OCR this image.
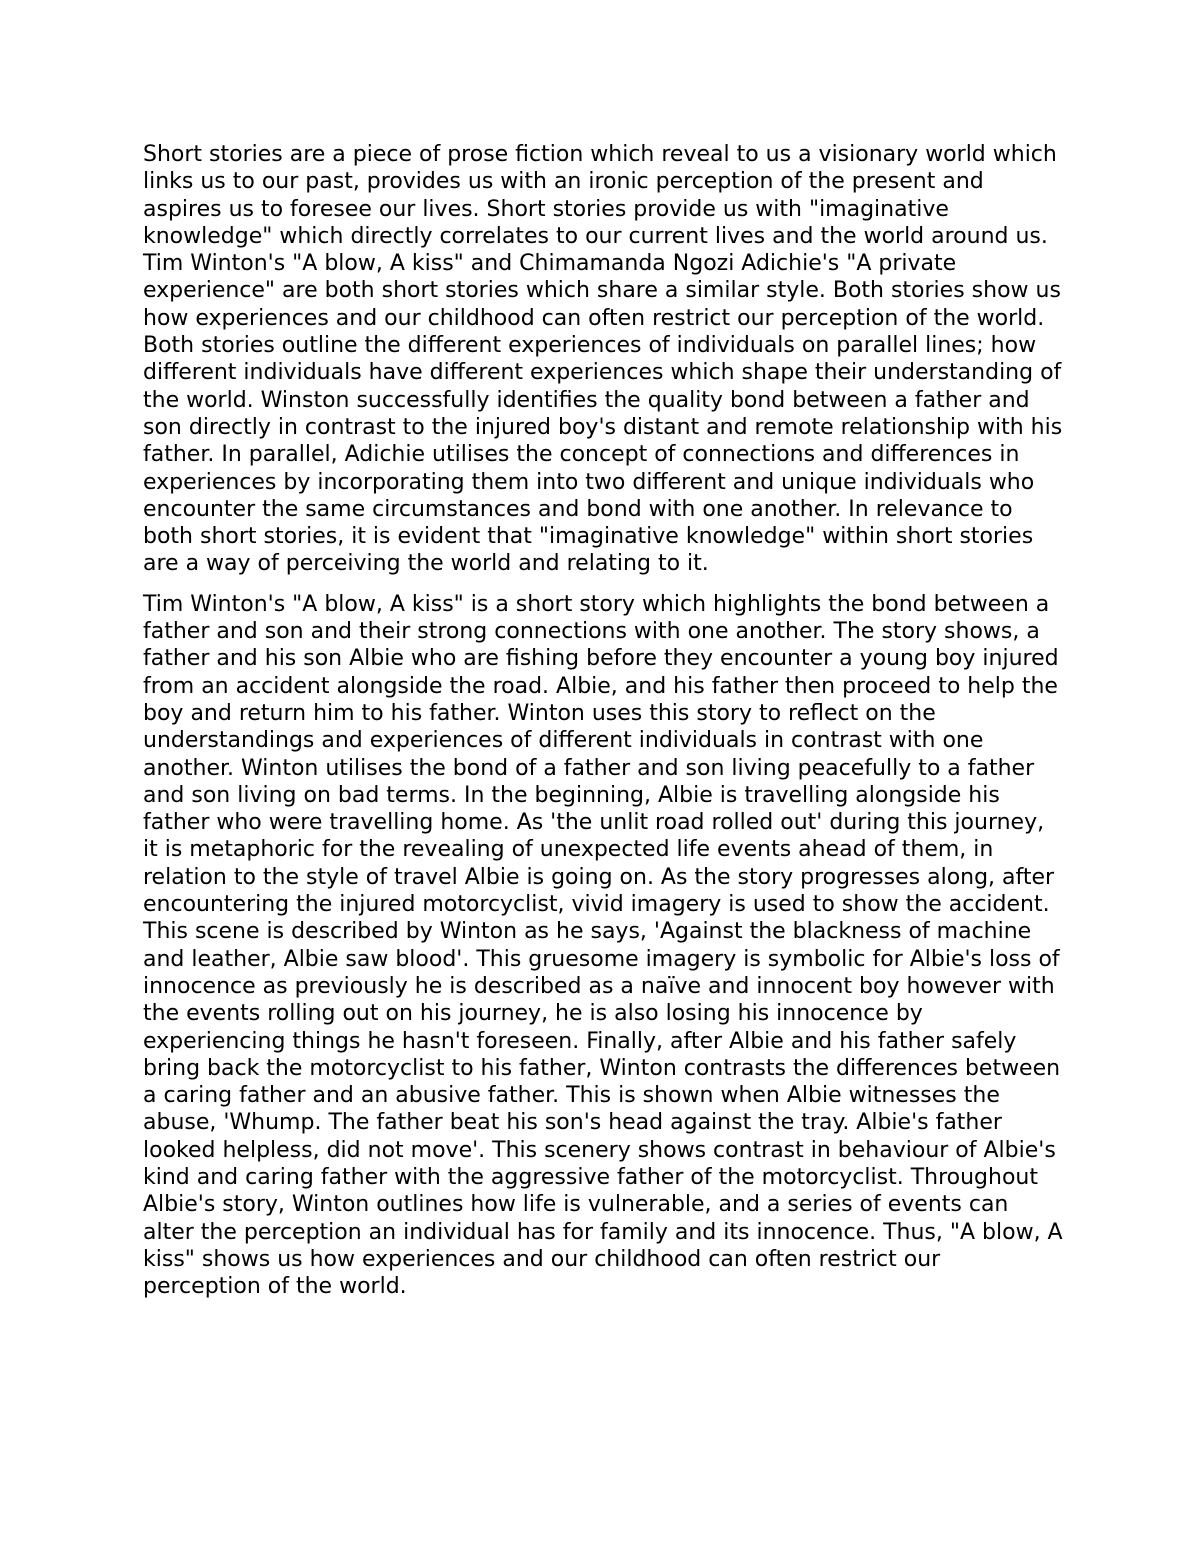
Short stories are a piece of prose fiction which reveal to us a visionary world which links us to our past, provides us with an ironic perception of the present and aspires us to foresee our lives. Short stories provide us with "imaginative knowledge" which directly correlates to our current lives and the world around us. Tim Winton's "A blow, A kiss" and Chimamanda Ngozi Adichie's "A private experience" are both short stories which share a similar style. Both stories show us how experiences and our childhood can often restrict our perception of the world. Both stories outline the different experiences of individuals on parallel lines; how different individuals have different experiences which shape their understanding of the world. Winston successfully identifies the quality bond between a father and son directly in contrast to the injured boy's distant and remote relationship with his father. In parallel, Adichie utilises the concept of connections and differences in experiences by incorporating them into two different and unique individuals who encounter the same circumstances and bond with one another. In relevance to both short stories, it is evident that "imaginative knowledge" within short stories are a way of perceiving the world and relating to it.

Tim Winton's "A blow, A kiss" is a short story which highlights the bond between a father and son and their strong connections with one another. The story shows, a father and his son Albie who are fishing before they encounter a young boy injured from an accident alongside the road. Albie, and his father then proceed to help the boy and return him to his father. Winton uses this story to reflect on the understandings and experiences of different individuals in contrast with one another. Winton utilises the bond of a father and son living peacefully to a father and son living on bad terms. In the beginning, Albie is travelling alongside his father who were travelling home. As 'the unlit road rolled out' during this journey, it is metaphoric for the revealing of unexpected life events ahead of them, in relation to the style of travel Albie is going on. As the story progresses along, after encountering the injured motorcyclist, vivid imagery is used to show the accident. This scene is described by Winton as he says, 'Against the blackness of machine and leather, Albie saw blood'. This gruesome imagery is symbolic for Albie's loss of innocence as previously he is described as a naïve and innocent boy however with the events rolling out on his journey, he is also losing his innocence by experiencing things he hasn't foreseen. Finally, after Albie and his father safely bring back the motorcyclist to his father, Winton contrasts the differences between a caring father and an abusive father. This is shown when Albie witnesses the abuse, 'Whump. The father beat his son's head against the tray. Albie's father looked helpless, did not move'. This scenery shows contrast in behaviour of Albie's kind and caring father with the aggressive father of the motorcyclist. Throughout Albie's story, Winton outlines how life is vulnerable, and a series of events can alter the perception an individual has for family and its innocence. Thus, "A blow, A kiss" shows us how experiences and our childhood can often restrict our perception of the world.
